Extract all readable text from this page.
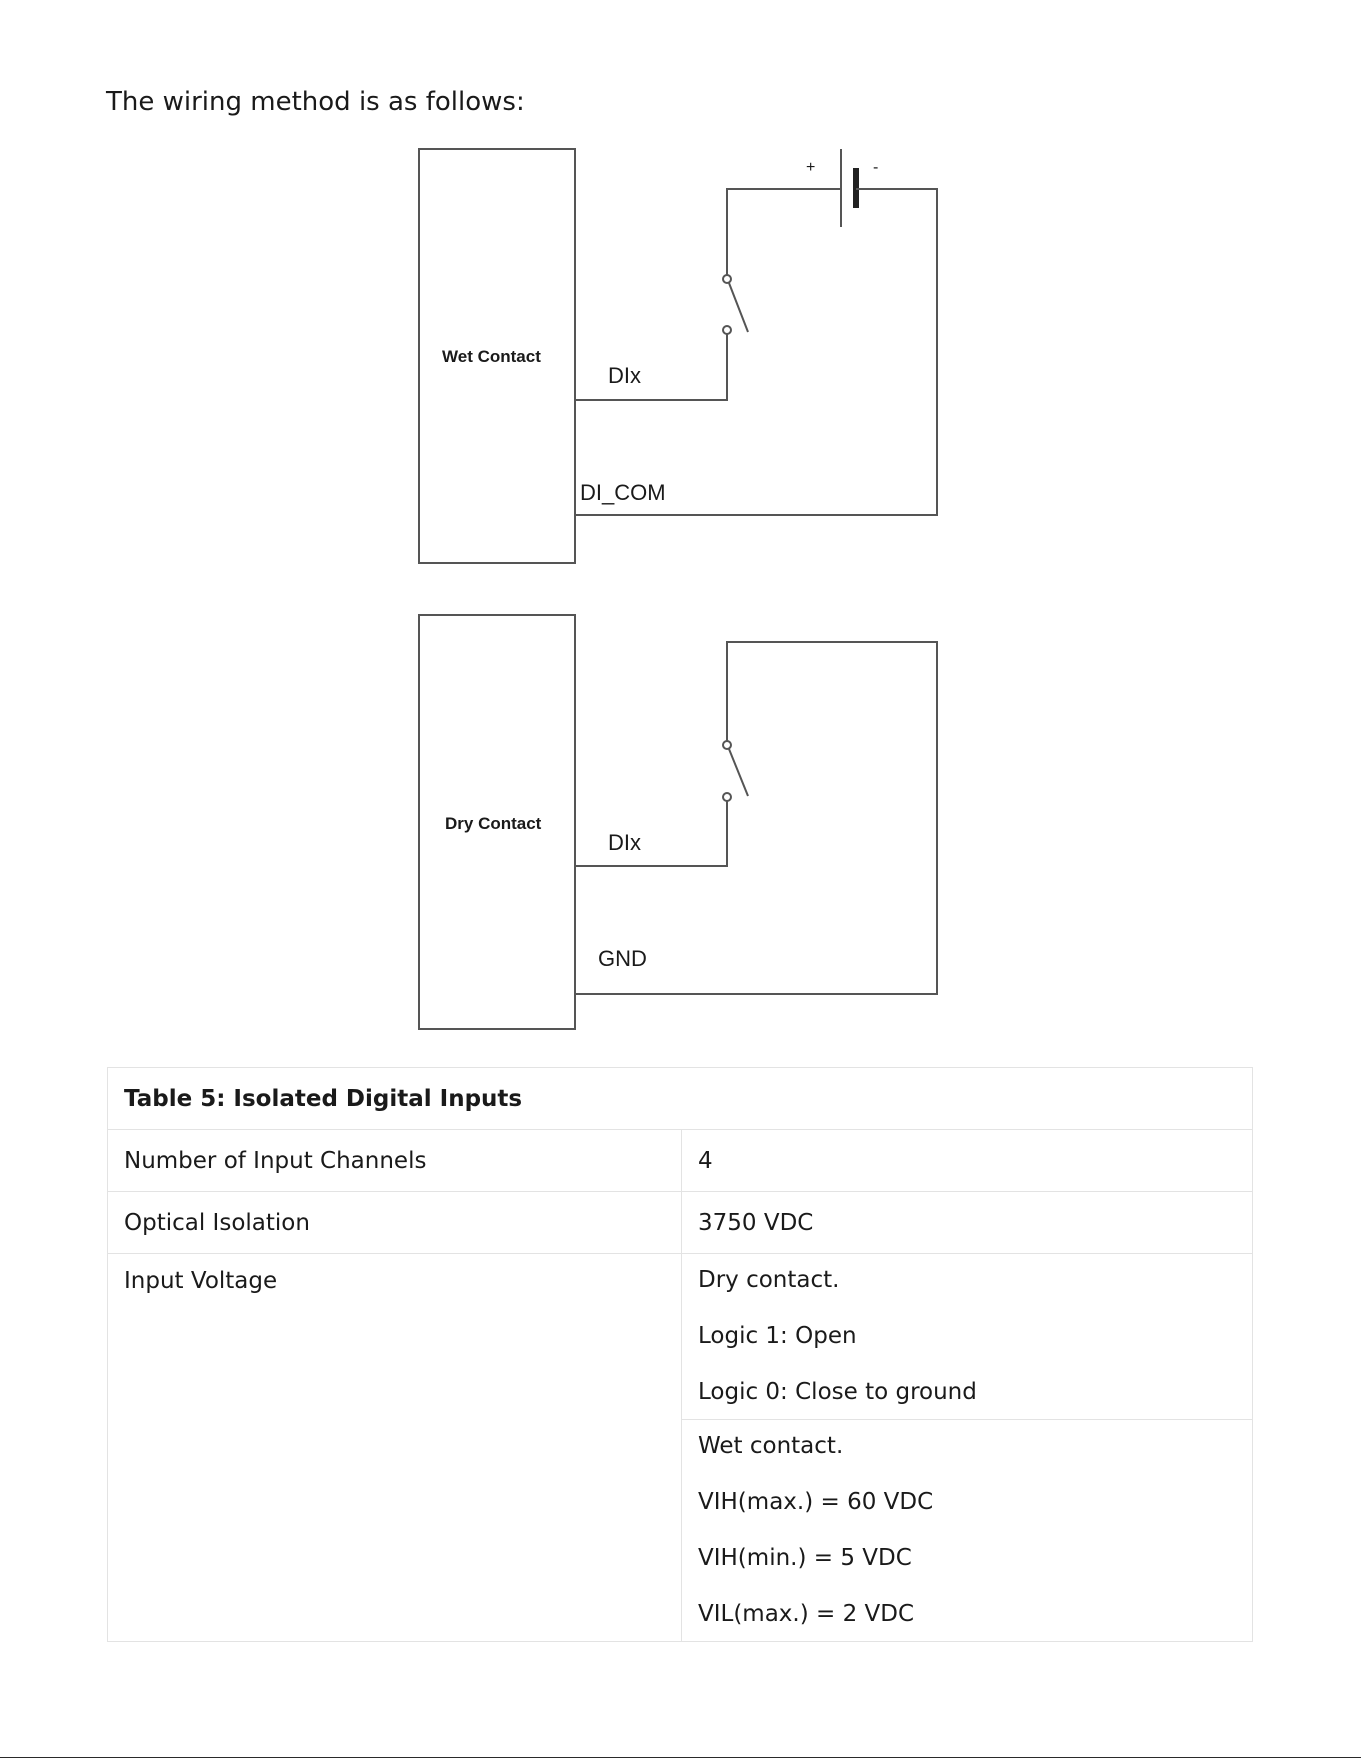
The wiring method is as follows:

+	-
Wet Contact
DIx
DI_COM
Dry Contact
DIx
GND
Table 5: Isolated Digital Inputs	
Number of Input Channels	4
Optical Isolation	3750 VDC
Input Voltage	Dry contact.
Logic 1: Open
Logic 0: Close to ground

	Wet contact.
VIH(max.) = 60 VDC
VIH(min.) = 5 VDC
VIL(max.) = 2 VDC
